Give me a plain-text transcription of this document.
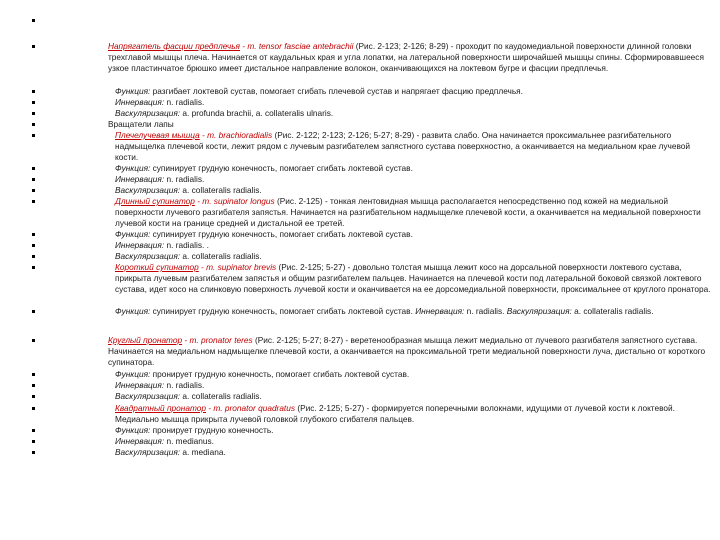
Напрягатель фасции предплечья - m. tensor fasciae antebrachii (Рис. 2-123; 2-126; 8-29) - проходит по каудомедиальной поверхности длинной головки трехглавой мышцы плеча. Начинается от каудальных края и угла лопатки, на латеральной поверхности широчайшей мышцы спины. Сформировавшееся узкое пластинчатое брюшко имеет дистальное направление волокон, оканчивающихся на локтевом бугре и фасции предплечья.
Функция: разгибает локтевой сустав, помогает сгибать плечевой сустав и напрягает фасцию предплечья.
Иннервация: n. radialis.
Васкуляризация: a. profunda brachii, a. collateralis ulnaris.
Вращатели лапы
Плечелучевая мышца - m. brachioradialis (Рис. 2-122; 2-123; 2-126; 5-27; 8-29) - развита слабо. Она начинается проксимальнее разгибательного надмыщелка плечевой кости, лежит рядом с лучевым разгибателем запястного сустава поверхностно, а оканчивается на медиальном крае лучевой кости.
Функция: супинирует грудную конечность, помогает сгибать локтевой сустав.
Иннервация: n. radialis.
Васкуляризация: a. collateralis radialis.
Длинный супинатор - m. supinator longus (Рис. 2-125) - тонкая лентовидная мышца располагается непосредственно под кожей на медиальной поверхности лучевого разгибателя запястья. Начинается на разгибательном надмыщелке плечевой кости, а оканчивается на медиальной поверхности лучевой кости на границе средней и дистальной ее третей.
Функция: супинирует грудную конечность, помогает сгибать локтевой сустав.
Иннервация: n. radialis. .
Васкуляризация: a. collateralis radialis.
Короткий супинатор - m. supinator brevis (Рис. 2-125; 5-27) - довольно толстая мышца лежит косо на дорсальной поверхности локтевого сустава, прикрыта лучевым разгибателем запястья и общим разгибателем пальцев. Начинается на плечевой кости под латеральной боковой связкой локтевого сустава, идет косо на слинковую поверхность лучевой кости и оканчивается на ее дорсомедиальной поверхности, проксимальнее от круглого пронатора.
Функция: супинирует грудную конечность, помогает сгибать локтевой сустав. Иннервация: n. radialis. Васкуляризация: a. collateralis radialis.
Круглый пронатор - m. pronator teres (Рис. 2-125; 5-27; 8-27) - веретенообразная мышца лежит медиально от лучевого разгибателя запястного сустава. Начинается на медиальном надмыщелке плечевой кости, а оканчивается на проксимальной трети медиальной поверхности луча, дистально от короткого супинатора.
Функция: пронирует грудную конечность, помогает сгибать локтевой сустав.
Иннервация: n. radialis.
Васкуляризация: a. collateralis radialis.
Квадратный пронатор - m. pronator quadratus (Рис. 2-125; 5-27) - формируется поперечными волокнами, идущими от лучевой кости к локтевой. Медиально мышца прикрыта лучевой головкой глубокого сгибателя пальцев.
Функция: пронирует грудную конечность.
Иннервация: n. medianus.
Васкуляризация: a. mediana.
